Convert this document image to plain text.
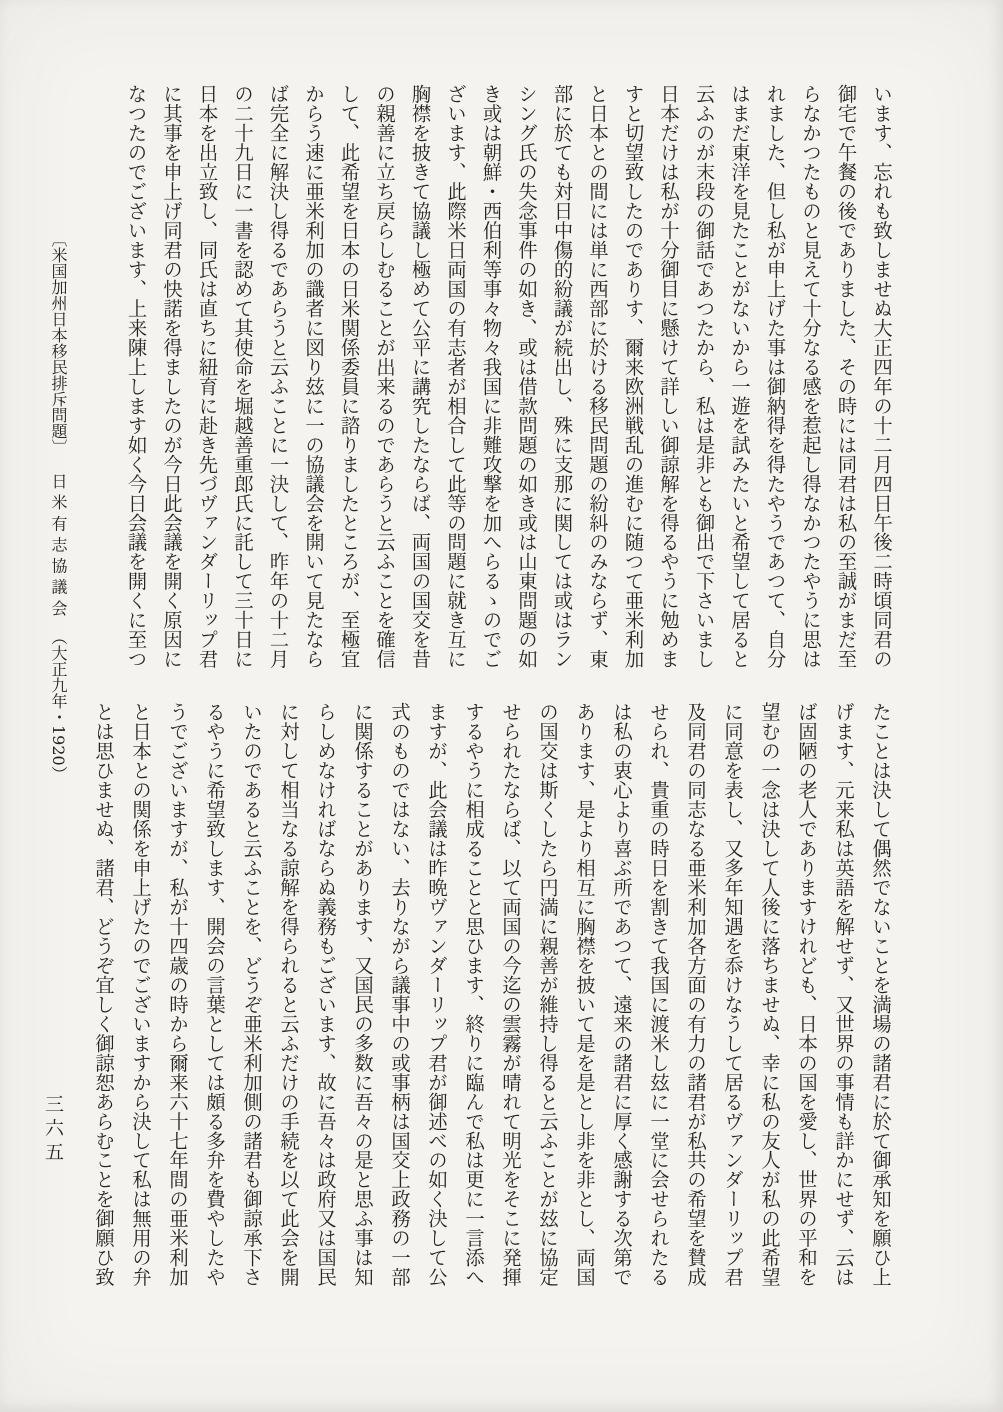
います、忘れも致しませぬ大正四年の十二月四日午後二時頃同君の
御宅で午餐の後でありました、その時には同君は私の至誠がまだ至
らなかつたものと見えて十分なる感を惹起し得なかつたやうに思は
れました、但し私が申上げた事は御納得を得たやうであつて、自分
はまだ東洋を見たことがないから一遊を試みたいと希望して居ると
云ふのが末段の御話であつたから、私は是非とも御出で下さいまし
日本だけは私が十分御目に懸けて詳しい御諒解を得るやうに勉めま
すと切望致したのでありす、爾来欧洲戦乱の進むに随つて亜米利加
と日本との間には単に西部に於ける移民問題の紛糾のみならず、東
部に於ても対日中傷的紛議が続出し、殊に支那に関しては或はラン
シング氏の失念事件の如き、或は借款問題の如き或は山東問題の如
き或は朝鮮・西伯利等事々物々我国に非難攻撃を加へらるゝのでご
ざいます、此際米日両国の有志者が相合して此等の問題に就き互に
胸襟を披きて協議し極めて公平に講究したならば、両国の国交を昔
の親善に立ち戻らしむることが出来るのであらうと云ふことを確信
して、此希望を日本の日米関係委員に諮りましたところが、至極宜
からう速に亜米利加の識者に図り玆に一の協議会を開いて見たなら
ば完全に解決し得るであらうと云ふことに一決して、昨年の十二月
の二十九日に一書を認めて其使命を堀越善重郎氏に託して三十日に
日本を出立致し、同氏は直ちに紐育に赴き先づヴァンダーリップ君
に其事を申上げ同君の快諾を得ましたのが今日此会議を開く原因に
なつたのでございます、上来陳上します如く今日会議を開くに至つ
〔米国加州日本移民排斥問題〕日米有志協議会（大正九年・1920）	たことは決して偶然でないことを満場の諸君に於て御承知を願ひ上
げます、元来私は英語を解せず、又世界の事情も詳かにせず、云は
ば固陋の老人でありますけれども、日本の国を愛し、世界の平和を
望むの一念は決して人後に落ちませぬ、幸に私の友人が私の此希望
に同意を表し、又多年知遇を忝けなうして居るヴァンダーリップ君
及同君の同志なる亜米利加各方面の有力の諸君が私共の希望を賛成
せられ、貴重の時日を割きて我国に渡米し玆に一堂に会せられたる
は私の衷心より喜ぶ所であつて、遠来の諸君に厚く感謝する次第で
あります、是より相互に胸襟を披いて是を是とし非を非とし、両国
の国交は斯くしたら円満に親善が維持し得ると云ふことが玆に協定
せられたならば、以て両国の今迄の雲霧が晴れて明光をそこに発揮
するやうに相成ることと思ひます、終りに臨んで私は更に一言添へ
ますが、此会議は昨晩ヴァンダーリップ君が御述べの如く決して公
式のものではない、去りながら議事中の或事柄は国交上政務の一部
に関係することがあります、又国民の多数に吾々の是と思ふ事は知
らしめなければならぬ義務もございます、故に吾々は政府又は国民
に対して相当なる諒解を得られると云ふだけの手続を以て此会を開
いたのであると云ふことを、どうぞ亜米利加側の諸君も御諒承下さ
るやうに希望致します、開会の言葉としては頗る多弁を費やしたや
うでございますが、私が十四歳の時から爾来六十七年間の亜米利加
と日本との関係を申上げたのでございますから決して私は無用の弁
とは思ひませぬ、諸君、どうぞ宜しく御諒恕あらむことを御願ひ致
三六五
